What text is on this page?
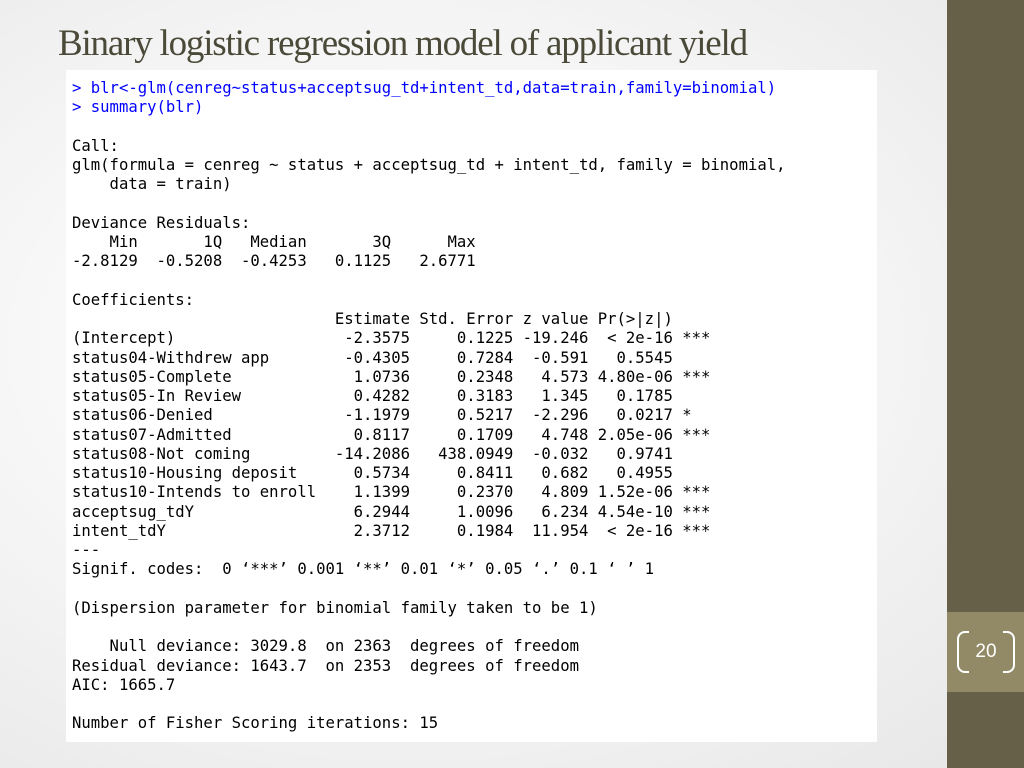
Binary logistic regression model of applicant yield
> blr<-glm(cenreg~status+acceptsug_td+intent_td,data=train,family=binomial)
> summary(blr)

Call:
glm(formula = cenreg ~ status + acceptsug_td + intent_td, family = binomial,
data = train)

Deviance Residuals:
Min       1Q   Median       3Q      Max
-2.8129  -0.5208  -0.4253   0.1125   2.6771

Coefficients:
Estimate Std. Error z value Pr(>|z|)
(Intercept)                  -2.3575     0.1225 -19.246  < 2e-16 ***
status04-Withdrew app        -0.4305     0.7284  -0.591   0.5545
status05-Complete             1.0736     0.2348   4.573 4.80e-06 ***
status05-In Review            0.4282     0.3183   1.345   0.1785
status06-Denied              -1.1979     0.5217  -2.296   0.0217 *
status07-Admitted             0.8117     0.1709   4.748 2.05e-06 ***
status08-Not coming         -14.2086   438.0949  -0.032   0.9741
status10-Housing deposit      0.5734     0.8411   0.682   0.4955
status10-Intends to enroll    1.1399     0.2370   4.809 1.52e-06 ***
acceptsug_tdY                 6.2944     1.0096   6.234 4.54e-10 ***
intent_tdY                    2.3712     0.1984  11.954  < 2e-16 ***
---
Signif. codes:  0 ‘***’ 0.001 ‘**’ 0.01 ‘*’ 0.05 ‘.’ 0.1 ‘ ’ 1

(Dispersion parameter for binomial family taken to be 1)

Null deviance: 3029.8  on 2363  degrees of freedom
Residual deviance: 1643.7  on 2353  degrees of freedom
AIC: 1665.7

Number of Fisher Scoring iterations: 15

20
